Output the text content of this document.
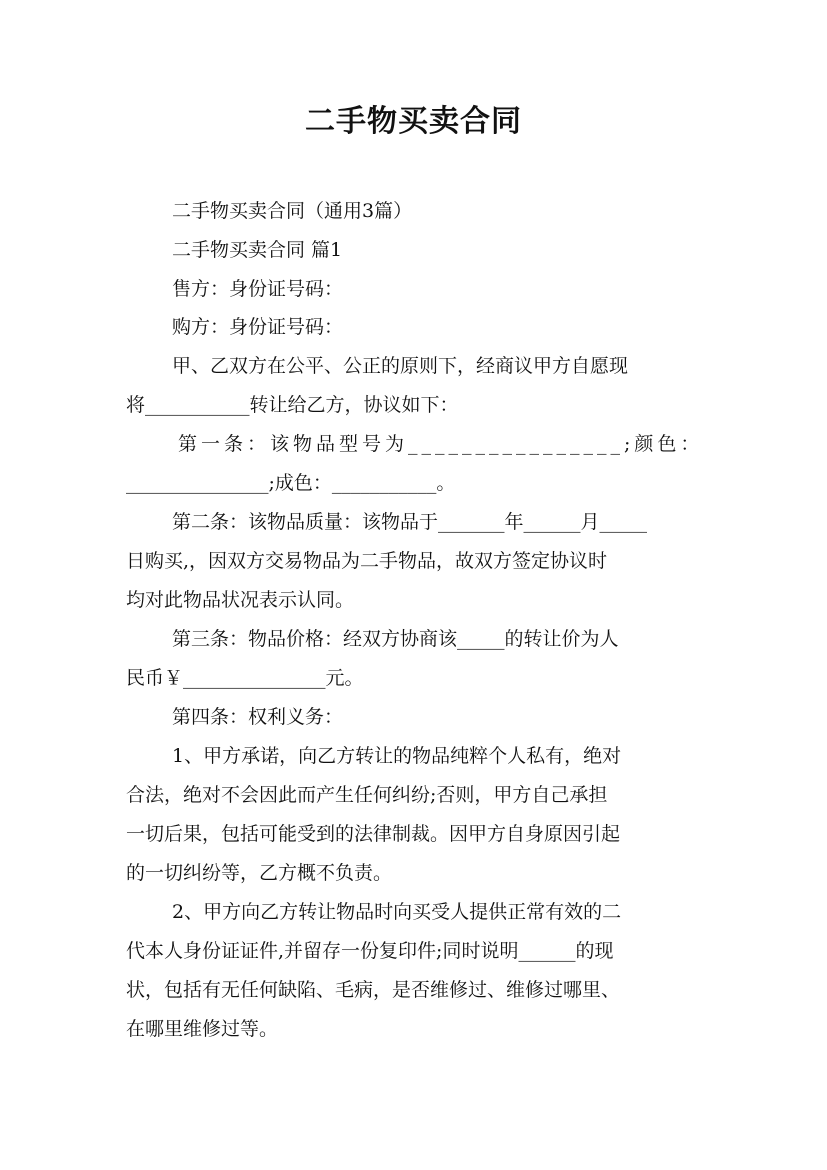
二手物买卖合同
二手物买卖合同（通用3篇）
二手物买卖合同 篇1
售方：身份证号码：
购方：身份证号码：
甲、乙双方在公平、公正的原则下，经商议甲方自愿现
将___________转让给乙方，协议如下：
第一条：该物品型号为________________;颜色：
_______________;成色：___________。
第二条：该物品质量：该物品于_______年______月_____
日购买,，因双方交易物品为二手物品，故双方签定协议时
均对此物品状况表示认同。
第三条：物品价格：经双方协商该_____的转让价为人
民币￥_______________元。
第四条：权利义务：
1、甲方承诺，向乙方转让的物品纯粹个人私有，绝对
合法，绝对不会因此而产生任何纠纷;否则，甲方自己承担
一切后果，包括可能受到的法律制裁。因甲方自身原因引起
的一切纠纷等，乙方概不负责。
2、甲方向乙方转让物品时向买受人提供正常有效的二
代本人身份证证件,并留存一份复印件;同时说明______的现
状，包括有无任何缺陷、毛病，是否维修过、维修过哪里、
在哪里维修过等。
